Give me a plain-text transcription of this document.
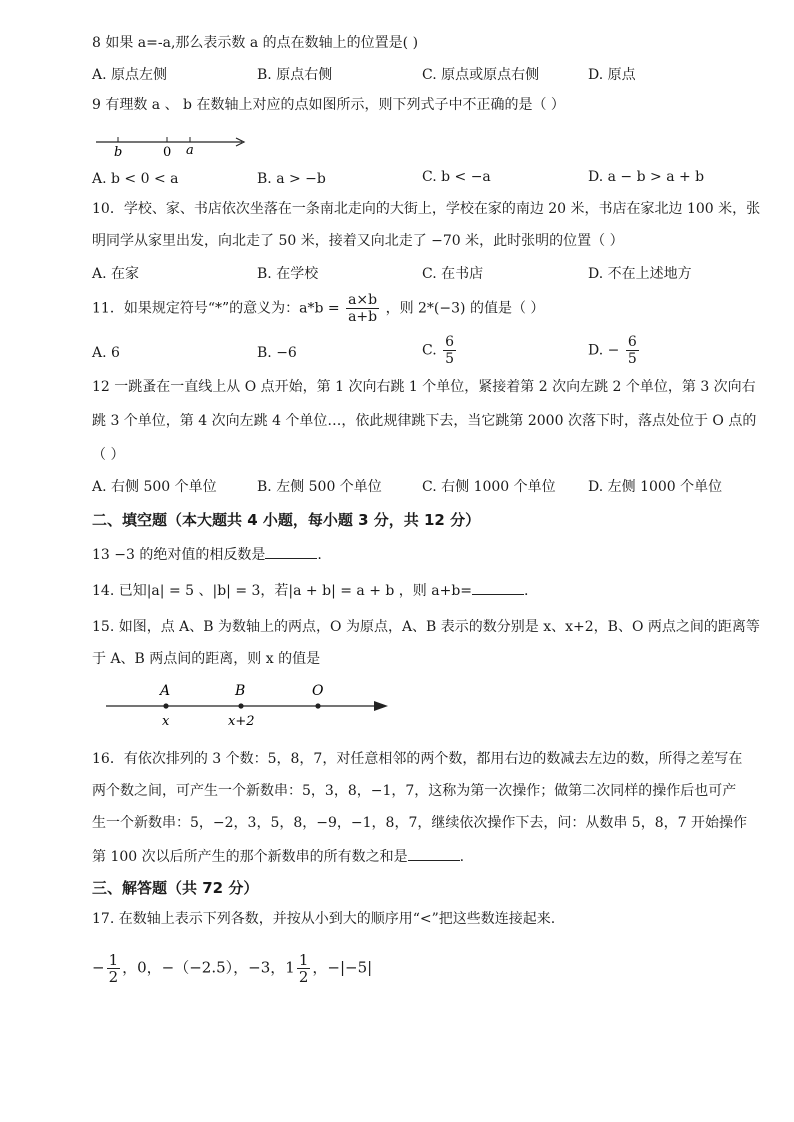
8 如果 a=-a,那么表示数 a 的点在数轴上的位置是( )
A. 原点左侧	B. 原点右侧	C. 原点或原点右侧	D. 原点
9 有理数 a 、 b 在数轴上对应的点如图所示，则下列式子中不正确的是（ ）
b	0 a
A. b < 0 < a	B. a > −b	C. b < −a	D. a − b > a + b
10．学校、家、书店依次坐落在一条南北走向的大街上，学校在家的南边 20 米，书店在家北边 100 米，张
明同学从家里出发，向北走了 50 米，接着又向北走了 −70 米，此时张明的位置（ ）
A. 在家	B. 在学校	C. 在书店	D. 不在上述地方
11．如果规定符号“*”的意义为：$a*b = \frac{a\times b}{a+b}$ ，则 2*(−3) 的值是（ ）
A. 6	B. −6	C. $\frac{6}{5}$	D. − $\frac{6}{5}$
12 一跳蚤在一直线上从 O 点开始，第 1 次向右跳 1 个单位，紧接着第 2 次向左跳 2 个单位，第 3 次向右
跳 3 个单位，第 4 次向左跳 4 个单位…，依此规律跳下去，当它跳第 2000 次落下时，落点处位于 O 点的
（ ）
A. 右侧 500 个单位	B. 左侧 500 个单位	C. 右侧 1000 个单位 D. 左侧 1000 个单位
二、填空题（本大题共 4 小题，每小题 3 分，共 12 分）
13 −3 的绝对值的相反数是	.
14. 已知|a| = 5 、|b| = 3，若|a + b| = a + b ，则 a+b=	.
15. 如图，点 A、B 为数轴上的两点，O 为原点，A、B 表示的数分别是 x、x+2，B、O 两点之间的距离等
于 A、B 两点间的距离，则 x 的值是
A	B	O
x	x+2
16．有依次排列的 3 个数：5，8，7，对任意相邻的两个数，都用右边的数减去左边的数，所得之差写在
两个数之间，可产生一个新数串：5，3，8，−1，7，这称为第一次操作；做第二次同样的操作后也可产
生一个新数串：5，−2，3，5，8，−9，−1，8，7，继续依次操作下去，问：从数串 5，8，7 开始操作
第 100 次以后所产生的那个新数串的所有数之和是	.
三、解答题（共 72 分）
17. 在数轴上表示下列各数，并按从小到大的顺序用“<”把这些数连接起来.
− $\frac{1}{2}$ ，0，−（−2.5），−3，$1 \frac{1}{2}$ ，−|−5|
